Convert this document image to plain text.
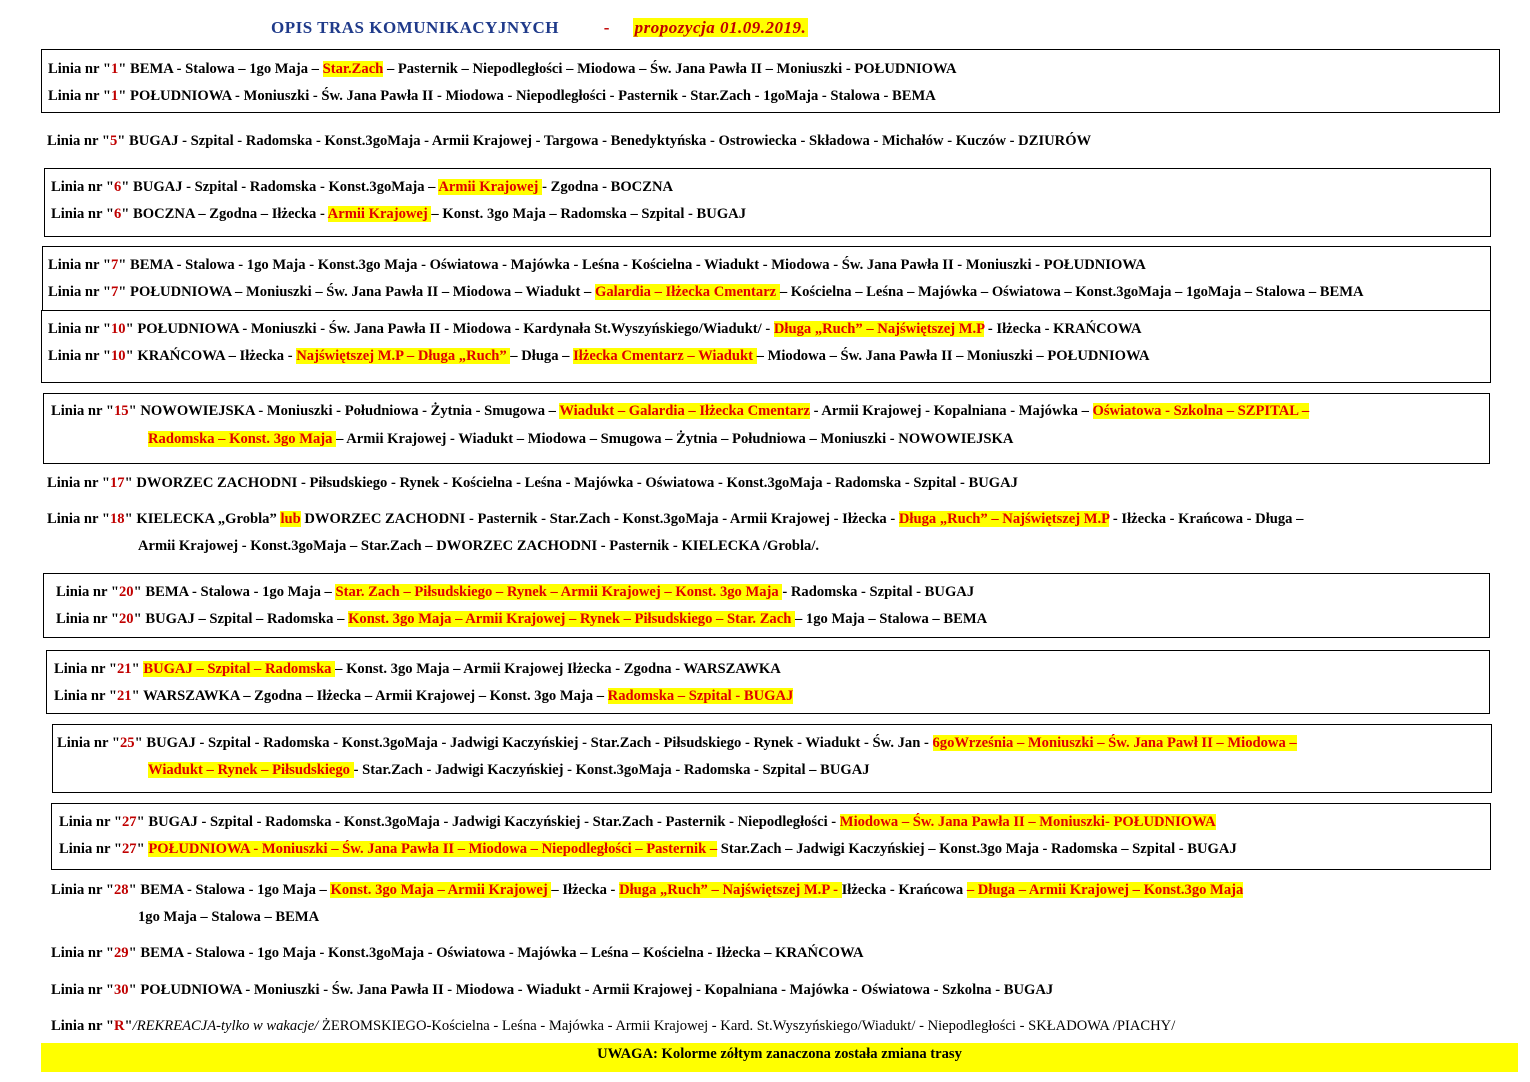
OPIS TRAS KOMUNIKACYJNYCH	- propozycja 01.09.2019.
Linia nr "1" BEMA - Stalowa – 1go Maja – Star.Zach – Pasternik – Niepodległości – Miodowa – Św. Jana Pawła II – Moniuszki - POŁUDNIOWA
Linia nr "1" POŁUDNIOWA - Moniuszki - Św. Jana Pawła II - Miodowa - Niepodległości - Pasternik - Star.Zach - 1goMaja - Stalowa - BEMA
Linia nr "5" BUGAJ - Szpital - Radomska - Konst.3goMaja - Armii Krajowej - Targowa - Benedyktyńska - Ostrowiecka - Składowa - Michałów - Kuczów - DZIURÓW
Linia nr "6" BUGAJ - Szpital - Radomska - Konst.3goMaja – Armii Krajowej - Zgodna - BOCZNA
Linia nr "6" BOCZNA – Zgodna – Iłżecka - Armii Krajowej – Konst. 3go Maja – Radomska – Szpital - BUGAJ
Linia nr "7" BEMA - Stalowa - 1go Maja - Konst.3go Maja - Oświatowa - Majówka - Leśna - Kościelna - Wiadukt - Miodowa - Św. Jana Pawła II - Moniuszki - POŁUDNIOWA
Linia nr "7" POŁUDNIOWA – Moniuszki – Św. Jana Pawła II – Miodowa – Wiadukt – Galardia – Iłżecka Cmentarz – Kościelna – Leśna – Majówka – Oświatowa – Konst.3goMaja – 1goMaja – Stalowa – BEMA
Linia nr "10" POŁUDNIOWA - Moniuszki - Św. Jana Pawła II - Miodowa - Kardynała St.Wyszyńskiego/Wiadukt/ - Długa „Ruch” – Najświętszej M.P - Iłżecka - KRAŃCOWA
Linia nr "10" KRAŃCOWA – Iłżecka - Najświętszej M.P – Długa „Ruch” – Długa – Iłżecka Cmentarz – Wiadukt – Miodowa – Św. Jana Pawła II – Moniuszki – POŁUDNIOWA
Linia nr "15" NOWOWIEJSKA - Moniuszki - Południowa - Żytnia - Smugowa – Wiadukt – Galardia – Iłżecka Cmentarz - Armii Krajowej - Kopalniana - Majówka – Oświatowa - Szkolna – SZPITAL –
Radomska – Konst. 3go Maja – Armii Krajowej - Wiadukt – Miodowa – Smugowa – Żytnia – Południowa – Moniuszki - NOWOWIEJSKA
Linia nr "17" DWORZEC ZACHODNI - Piłsudskiego - Rynek - Kościelna - Leśna - Majówka - Oświatowa - Konst.3goMaja - Radomska - Szpital - BUGAJ
Linia nr "18" KIELECKA „Grobla” lub DWORZEC ZACHODNI - Pasternik - Star.Zach - Konst.3goMaja - Armii Krajowej - Iłżecka - Długa „Ruch” – Najświętszej M.P - Iłżecka - Krańcowa - Długa –
Armii Krajowej - Konst.3goMaja – Star.Zach – DWORZEC ZACHODNI - Pasternik - KIELECKA /Grobla/.
Linia nr "20" BEMA - Stalowa - 1go Maja – Star. Zach – Piłsudskiego – Rynek – Armii Krajowej – Konst. 3go Maja - Radomska - Szpital - BUGAJ
Linia nr "20" BUGAJ – Szpital – Radomska – Konst. 3go Maja – Armii Krajowej – Rynek – Piłsudskiego – Star. Zach – 1go Maja – Stalowa – BEMA
Linia nr "21" BUGAJ – Szpital – Radomska – Konst. 3go Maja – Armii Krajowej Iłżecka - Zgodna - WARSZAWKA
Linia nr "21" WARSZAWKA – Zgodna – Iłżecka – Armii Krajowej – Konst. 3go Maja – Radomska – Szpital - BUGAJ
Linia nr "25" BUGAJ - Szpital - Radomska - Konst.3goMaja - Jadwigi Kaczyńskiej - Star.Zach - Piłsudskiego - Rynek - Wiadukt - Św. Jan - 6goWrześnia – Moniuszki – Św. Jana Pawł II – Miodowa –
Wiadukt – Rynek – Piłsudskiego - Star.Zach - Jadwigi Kaczyńskiej - Konst.3goMaja - Radomska - Szpital – BUGAJ
Linia nr "27" BUGAJ - Szpital - Radomska - Konst.3goMaja - Jadwigi Kaczyńskiej - Star.Zach - Pasternik - Niepodległości - Miodowa – Św. Jana Pawła II – Moniuszki- POŁUDNIOWA
Linia nr "27" POŁUDNIOWA - Moniuszki – Św. Jana Pawła II – Miodowa – Niepodległości – Pasternik – Star.Zach – Jadwigi Kaczyńskiej – Konst.3go Maja - Radomska – Szpital - BUGAJ
Linia nr "28" BEMA - Stalowa - 1go Maja – Konst. 3go Maja – Armii Krajowej – Iłżecka - Długa „Ruch” – Najświętszej M.P - Iłżecka - Krańcowa – Długa – Armii Krajowej – Konst.3go Maja
1go Maja – Stalowa – BEMA
Linia nr "29" BEMA - Stalowa - 1go Maja - Konst.3goMaja - Oświatowa - Majówka – Leśna – Kościelna - Iłżecka – KRAŃCOWA
Linia nr "30" POŁUDNIOWA - Moniuszki - Św. Jana Pawła II - Miodowa - Wiadukt - Armii Krajowej - Kopalniana - Majówka - Oświatowa - Szkolna - BUGAJ
Linia nr "R"/REKREACJA-tylko w wakacje/ ŻEROMSKIEGO-Kościelna - Leśna - Majówka - Armii Krajowej - Kard. St.Wyszyńskiego/Wiadukt/ - Niepodległości - SKŁADOWA /PIACHY/
UWAGA: Kolorme zółtym zanaczona została zmiana trasy
